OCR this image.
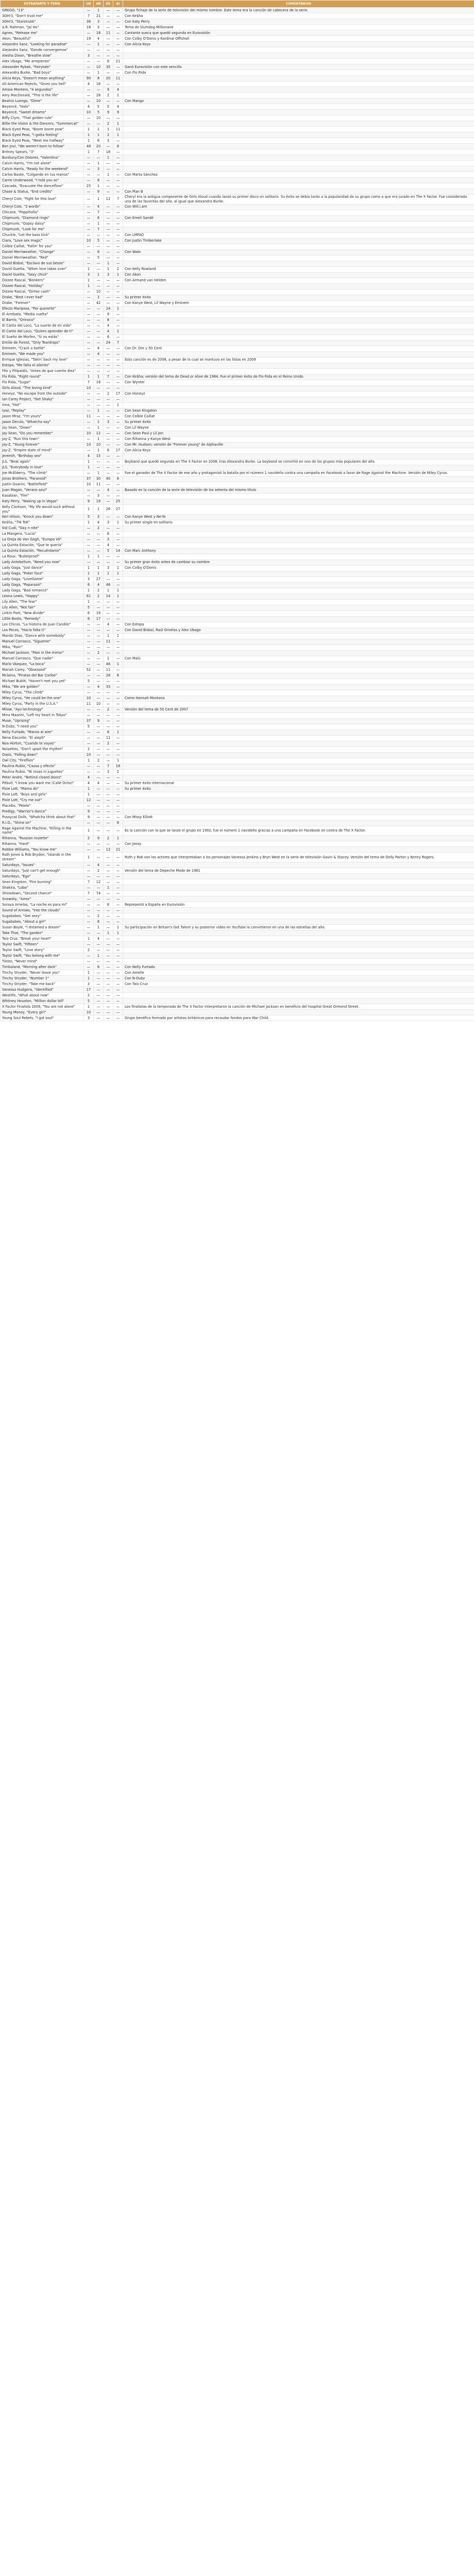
EXTRAPARTE Y TEMA	UK	AR	ES	AI	COMENTARIOS
GREGO, "13"	—	1	—	—	Grupo fichaje de la serie de televisión del mismo nombre. Este tema era la canción de cabecera de la serie.
3OH!3, "Don't trust me"	7	21	—	—	Con Ke$ha
3OH!3, "Starstrukk"	36	3	—	—	Con Katy Perry
A.R. Rahman, "Jai Ho"	18	3	—	—	Tema de Slumdog Millionaire
Agnes, "Release me"	—	18	11	—	Cantante sueca que quedó segunda en Eurovisión
Akon, "Beautiful"	19	4	—	—	Con Colby O'Donis y Kardinal Offishall
Alejandro Sanz, "Looking for paradise"	—	1	—	—	Con Alicia Keys
Alejandro Sanz, "Donde convergemos"	—	—	—	—	
Alesha Dixon, "Breathe slow"	3	—	—	—	
Alex Ubago, "Me arrepiento"	—	—	8	21	
Alexander Rybak, "Fairytale"	—	10	35	—	Ganó Eurovisión con este sencillo
Alexandra Burke, "Bad boys"	—	1	—	—	Con Flo Rida
Alicia Keys, "Doesn't mean anything"	90	8	20	11	
All American Rejects, "Gives you hell"	4	18	—	—	
Amaia Montero, "4 segundos"	—	—	9	4	
Amy MacDonald, "This is the life"	—	28	2	1	
Beatriz Luengo, "Dime"	—	10	—	—	Con Mango
Beyoncé, "Halo"	4	5	5	4	
Beyoncé, "Sweet dreams"	10	5	9	9	
Biffy Clyro, "That golden rule"	—	10	—	—	
Billie the Vision & the Dancers, "Summercat"	—	—	2	1	
Black Eyed Peas, "Boom boom pow"	1	1	1	11	
Black Eyed Peas, "I gotta feeling"	1	1	2	1	
Black Eyed Peas, "Meet me halfway"	1	6	3	—	
Bon Jovi, "We weren't born to follow"	48	20	—	8	
Britney Spears, "3"	1	7	18	—	
Bunbury/Con Dolores, "Valentina"	—	—	1	—	
Calvin Harris, "I'm not alone"	—	1	—	—	
Calvin Harris, "Ready for the weekend"	—	3	—	—	
Carlos Baute, "Colgando en tus manos"	—	—	1	—	Con Marta Sánchez
Carrie Underwood, "I told you so"	—	8	—	—	
Cascada, "Evacuate the dancefloor"	25	1	—	—	
Chase & Status, "End credits"	—	9	—	—	Con Plan B
Cheryl Cole, "Fight for this love"	—	1	12	7	Cheryl era la antigua componente de Girls Aloud cuando lanzó su primer disco en solitario. Su éxito se debía tanto a la popularidad de su grupo como a que era jurado en The X Factor. Fue considerada una de las favoritas del año, al igual que Alexandra Burke.
Cheryl Cole, "3 words"	—	4	—	—	Con Will.i.am
Chicane, "Poppiholla"	—	7	—	—	
Chipmunk, "Diamond rings"	—	6	—	—	Con Emeli Sandé
Chipmunk, "Oopsy daisy"	—	1	—	—	
Chipmunk, "Look for me"	—	7	—	—	
Chuckie, "Let the bass kick"	—	—	—	—	Con LMFAO
Ciara, "Love sex magic"	10	5	—	—	Con Justin Timberlake
Colbie Caillat, "Fallin' for you"	—	—	—	—	
Daniel Merriweather, "Change"	—	8	—	—	Con Wale
Daniel Merriweather, "Red"	—	5	—	—	
David Bisbal, "Esclavo de sus besos"	—	—	1	—	
David Guetta, "When love takes over"	1	—	1	2	Con Kelly Rowland
David Guetta, "Sexy chick"	3	1	3	1	Con Akon
Dizzee Rascal, "Bonkers"	1	—	—	—	Con Armand van Helden
Dizzee Rascal, "Holiday"	1	—	—	—	
Dizzee Rascal, "Dirtee cash"	—	10	—	—	
Drake, "Best I ever had"	—	2	—	—	Su primer éxito
Drake, "Forever"	—	42	—	—	Con Kanye West, Lil Wayne y Eminem
Efecto Mariposa, "Por quererte"	—	—	24	1	
El Arrebato, "Media vuelta"	—	—	9	—	
El Barrio, "Orinoco"	—	—	8	—	
El Canto del Loco, "La suerte de mi vida"	—	—	4	—	
El Canto del Loco, "Quiero aprender de ti"	—	—	4	1	
El Sueño de Morfeo, "Si no estás"	—	—	6	—	
Emilie de Forest, "Only Teardrops"	—	—	24	7	
Eminem, "Crack a bottle"	—	4	—	—	Con Dr. Dre y 50 Cent
Eminem, "We made you"	—	4	—	—	
Enrique Iglesias, "Takin' back my love"	—	—	—	—	Esta canción es de 2008, a pesar de lo cual se mantuvo en las listas en 2009
Estopa, "Me falta el aliento"	—	—	—	—	
Fito y Fitipaldis, "Antes de que cuente diez"	—	—	—	—	
Flo Rida, "Right round"	1	1	7	—	Con Ke$ha; versión del tema de Dead or Alive de 1984. Fue el primer éxito de Flo Rida en el Reino Unido.
Flo Rida, "Sugar"	7	18	—	—	Con Wynter
Girls Aloud, "The loving kind"	10	—	—	—	
Honeyz, "No escape from the outside"	—	—	2	17	Con Honeyz
Ian Carey Project, "Get Shaky"	—	—	—	—	
Inna, "Hot"	—	—	—	1	
Iyaz, "Replay"	—	1	—	—	Con Sean Kingston
Jason Mraz, "I'm yours"	11	—	—	—	Con Colbie Caillat
Jason Derulo, "Whatcha say"	—	1	3	—	Su primer éxito
Jay Sean, "Down"	—	1	—	—	Con Lil Wayne
Jay Sean, "Do you remember"	10	12	—	—	Con Sean Paul y Lil Jon
Jay-Z, "Run this town"	—	1	—	—	Con Rihanna y Kanye West
Jay-Z, "Young forever"	10	10	—	—	Con Mr. Hudson; versión de "Forever young" de Alphaville
Jay-Z, "Empire state of mind"	—	1	6	17	Con Alicia Keys
Jeremih, "Birthday sex"	4	15	—	—	
JLS, "Beat again"	1	—	—	—	Boyband que quedó segunda en The X Factor en 2008, tras Alexandra Burke. La boyband se convirtió en uno de los grupos más populares del año.
JLS, "Everybody in love"	1	—	—	—	
Joe McElderry, "The climb"	—	1	—	—	Fue el ganador de The X Factor de ese año y protagonizó la batalla por el número 1 navideño contra una campaña en Facebook a favor de Rage Against the Machine. Versión de Miley Cyrus.
Jonas Brothers, "Paranoid"	37	30	40	6	
Justin Guarini, "Battlefield"	10	11	—	—	
Juan Magán, "Verano azul"	—	—	4	—	Basado en la canción de la serie de televisión de los setenta del mismo título
Kasabian, "Fire"	—	3	—	—	
Katy Perry, "Waking up in Vegas"	9	19	—	25	
Kelly Clarkson, "My life would suck without you"	1	1	26	27	
Keri Hilson, "Knock you down"	5	3	—	—	Con Kanye West y Ne-Yo
Ke$ha, "TiK ToK"	1	4	3	1	Su primer single en solitario
Kid Cudi, "Day n nite"	—	2	—	—	
La Mangera, "Lucia"	—	—	6	—	
La Oreja de Van Gogh, "Europa VII"	—	—	3	—	
La Quinta Estación, "Que te quería"	—	—	4	—	
La Quinta Estación, "Recuérdame"	—	—	5	14	Con Marc Anthony
La Roux, "Bulletproof"	1	1	—	—	
Lady Antebellum, "Need you now"	—	—	—	—	Su primer gran éxito antes de cambiar su nombre
Lady Gaga, "Just dance"	1	1	3	1	Con Colby O'Donis
Lady Gaga, "Poker face"	1	1	1	1	
Lady Gaga, "LoveGame"	3	27	—	—	
Lady Gaga, "Paparazzi"	6	4	46	—	
Lady Gaga, "Bad romance"	1	2	1	1	
Leona Lewis, "Happy"	61	2	14	1	
Lily Allen, "The fear"	1	—	—	—	
Lily Allen, "Not fair"	5	—	—	—	
Linkin Park, "New divide"	6	19	—	—	
Little Boots, "Remedy"	6	17	—	—	
Los Chicos, "La historia de Juan Candilo"	—	—	4	—	Con Estopa
Los Pecos, "Hacía falta ti"	—	—	—	—	Con David Bisbal, Raúl Ornelas y Alex Ubago
Mando Diao, "Dance with somebody"	—	—	1	1	
Manuel Carrasco, "Sígueme"	—	—	11	—	
Mika, "Rain"	—	—	—	—	
Michael Jackson, "Man in the mirror"	—	2	—	—	
Manuel Carrasco, "Que nadie"	—	—	1	—	Con Malú
Mario Vázquez, "La boca"	—	—	46	1	
Mariah Carey, "Obsessed"	52	—	11	—	
Mclaina, "Piratas del Bar Caribe"	—	—	28	6	
Michael Bublé, "Haven't met you yet"	5	—	—	—	
Mika, "We are golden"	—	4	33	—	
Miley Cyrus, "The climb"	—	—	—	—	
Miley Cyrus, "He could be the one"	10	—	—	—	Como Hannah Montana
Miley Cyrus, "Party in the U.S.A."	11	10	—	—	
Milow, "Ayo technology"	—	—	2	—	Versión del tema de 50 Cent de 2007
Mina Mazzini, "Left my heart in Tokyo"	—	—	—	—	
Muse, "Uprising"	37	9	—	—	
N-Dubz, "I need you"	5	—	—	—	
Nelly Furtado, "Manos al aire"	—	—	8	1	
Nena Daconte, "El aleph"	—	—	11	—	
Noa Horton, "Cuando te vayas"	—	—	2	—	
Noisettes, "Don't upset the rhythm"	2	—	—	—	
Oasis, "Falling down"	10	—	—	—	
Owl City, "Fireflies"	1	2	—	1	
Paulina Rubio, "Causa y efecto"	—	—	7	18	
Paulina Rubio, "Ni rosas ni juguetes"	—	—	3	2	
Peter Andre, "Behind closed doors"	4	—	—	—	
Pitbull, "I know you want me (Calle Ocho)"	4	4	—	—	Su primer éxito internacional
Pixie Lott, "Mama do"	1	—	—	—	Su primer éxito
Pixie Lott, "Boys and girls"	1	—	—	—	
Pixie Lott, "Cry me out"	12	—	—	—	
Placebo, "Pelele"	—	—	—	—	
Prodigy, "Warrior's dance"	9	—	—	—	
Pussycat Dolls, "Whatcha think about that"	9	—	—	—	Con Missy Elliott
R.I.O., "Shine on"	—	—	—	8	
Rage Against the Machine, "Killing in the name"	1	—	—	—	Es la canción con la que se lanzó el grupo en 1992; fue el número 1 navideño gracias a una campaña en Facebook en contra de The X Factor.
Rihanna, "Russian roulette"	2	9	2	1	
Rihanna, "Hard"	—	—	—	—	Con Jeezy
Robbie Williams, "You know me"	—	—	12	21	
Ruth Jones & Rob Brydon, "Islands in the stream"	1	—	—	—	Ruth y Rob son los actores que interpretaban a los personajes Vanessa Jenkins y Bryn West en la serie de televisión Gavin & Stacey. Versión del tema de Dolly Parton y Kenny Rogers.
Saturdays, "Issues"	—	4	—	—	
Saturdays, "Just can't get enough"	—	2	—	—	Versión del tema de Depeche Mode de 1981
Saturdays, "Ego"	—	—	—	—	
Sean Kingston, "Fire burning"	7	12	—	—	
Shakira, "Loba"	—	—	1	—	
Shinedown, "Second chance"	7	74	—	—	
Snowsky, "Amor"	—	—	—	—	
Soraya Arnelas, "La noche es para mí"	—	—	8	—	Representó a España en Eurovisión
Sound of Arrows, "Into the clouds"	—	—	—	—	
Sugababes, "Get sexy"	—	2	—	—	
Sugababes, "About a girl"	—	8	—	—	
Susan Boyle, "I dreamed a dream"	—	1	—	1	Su participación en Britain's Got Talent y su posterior vídeo en YouTube la convirtieron en una de las estrellas del año.
Take That, "The garden"	—	—	1	1	
Taio Cruz, "Break your heart"	1	4	—	—	
Taylor Swift, "Fifteen"	—	—	—	—	
Taylor Swift, "Love story"	2	—	—	—	
Taylor Swift, "You belong with me"	—	1	—	—	
Tiesto, "Never mind"	—	—	—	—	
Timbaland, "Morning after dark"	—	6	—	—	Con Nelly Furtado
Tinchy Stryder, "Never leave you"	1	—	—	—	Con Amelle
Tinchy Stryder, "Number 1"	1	—	—	—	Con N-Dubz
Tinchy Stryder, "Take me back"	3	—	—	—	Con Taio Cruz
Vanessa Hudgens, "Identified"	17	—	—	—	
Westlife, "What about now"	2	—	—	—	
Whitney Houston, "Million dollar bill"	5	—	—	—	
X Factor Finalists 2009, "You are not alone"	1	—	—	—	Los finalistas de la temporada de The X Factor interpretaron la canción de Michael Jackson en beneficio del hospital Great Ormond Street.
Young Money, "Every girl"	10	—	—	—	
Young Soul Rebels, "I got soul"	3	—	—	—	Grupo benéfico formado por artistas británicos para recaudar fondos para War Child.
